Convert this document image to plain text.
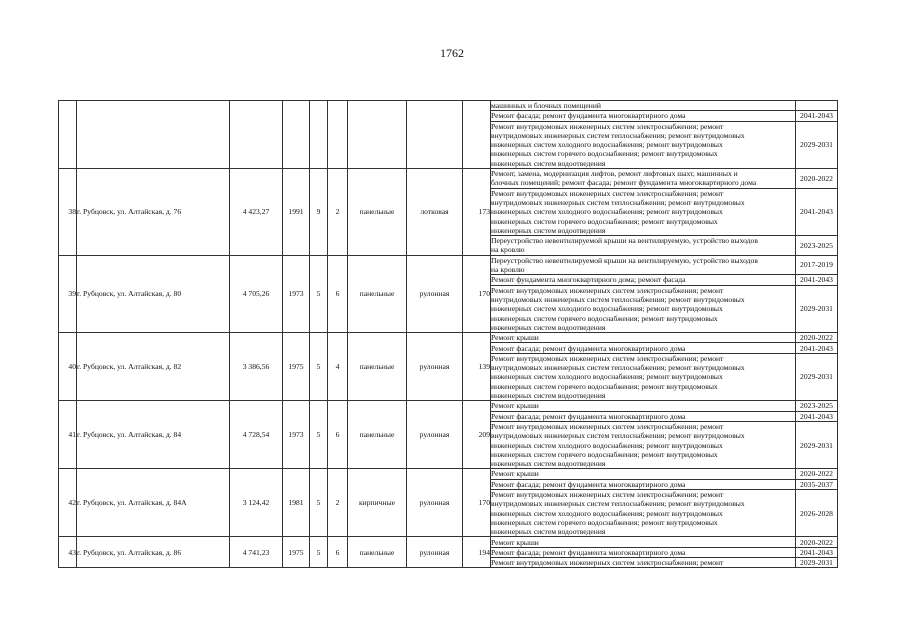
1762
									машинных и блочных помещений	
									Ремонт фасада; ремонт фундамента многоквартирного дома	2041-2043
									Ремонт внутридомовых инженерных систем электроснабжения; ремонт
внутридомовых инженерных систем теплоснабжения; ремонт внутридомовых
инженерных систем холодного водоснабжения; ремонт внутридомовых
инженерных систем горячего водоснабжения; ремонт внутридомовых
инженерных систем водоотведения	2029-2031
38	г. Рубцовск, ул. Алтайская, д. 76	4 423,27	1991	9	2	панельные	лотковая	173	Ремонт, замена, модернизация лифтов, ремонт лифтовых шахт, машинных и
блочных помещений; ремонт фасада; ремонт фундамента многоквартирного дома	2020-2022
									Ремонт внутридомовых инженерных систем электроснабжения; ремонт
внутридомовых инженерных систем теплоснабжения; ремонт внутридомовых
инженерных систем холодного водоснабжения; ремонт внутридомовых
инженерных систем горячего водоснабжения; ремонт внутридомовых
инженерных систем водоотведения	2041-2043
									Переустройство невентилируемой крыши на вентилируемую, устройство выходов
на кровлю	2023-2025
39	г. Рубцовск, ул. Алтайская, д. 80	4 705,26	1973	5	6	панельные	рулонная	170	Переустройство невентилируемой крыши на вентилируемую, устройство выходов
на кровлю	2017-2019
									Ремонт фундамента многоквартирного дома; ремонт фасада	2041-2043
									Ремонт внутридомовых инженерных систем электроснабжения; ремонт
внутридомовых инженерных систем теплоснабжения; ремонт внутридомовых
инженерных систем холодного водоснабжения; ремонт внутридомовых
инженерных систем горячего водоснабжения; ремонт внутридомовых
инженерных систем водоотведения	2029-2031
40	г. Рубцовск, ул. Алтайская, д. 82	3 386,56	1975	5	4	панельные	рулонная	139	Ремонт крыши	2020-2022
									Ремонт фасада; ремонт фундамента многоквартирного дома	2041-2043
									Ремонт внутридомовых инженерных систем электроснабжения; ремонт
внутридомовых инженерных систем теплоснабжения; ремонт внутридомовых
инженерных систем холодного водоснабжения; ремонт внутридомовых
инженерных систем горячего водоснабжения; ремонт внутридомовых
инженерных систем водоотведения	2029-2031
41	г. Рубцовск, ул. Алтайская, д. 84	4 728,54	1973	5	6	панельные	рулонная	209	Ремонт крыши	2023-2025
									Ремонт фасада; ремонт фундамента многоквартирного дома	2041-2043
									Ремонт внутридомовых инженерных систем электроснабжения; ремонт
внутридомовых инженерных систем теплоснабжения; ремонт внутридомовых
инженерных систем холодного водоснабжения; ремонт внутридомовых
инженерных систем горячего водоснабжения; ремонт внутридомовых
инженерных систем водоотведения	2029-2031
42	г. Рубцовск, ул. Алтайская, д. 84А	3 124,42	1981	5	2	кирпичные	рулонная	170	Ремонт крыши	2020-2022
									Ремонт фасада; ремонт фундамента многоквартирного дома	2035-2037
									Ремонт внутридомовых инженерных систем электроснабжения; ремонт
внутридомовых инженерных систем теплоснабжения; ремонт внутридомовых
инженерных систем холодного водоснабжения; ремонт внутридомовых
инженерных систем горячего водоснабжения; ремонт внутридомовых
инженерных систем водоотведения	2026-2028
43	г. Рубцовск, ул. Алтайская, д. 86	4 741,23	1975	5	6	панельные	рулонная	194	Ремонт крыши	2020-2022
									Ремонт фасада; ремонт фундамента многоквартирного дома	2041-2043
									Ремонт внутридомовых инженерных систем электроснабжения; ремонт	2029-2031
